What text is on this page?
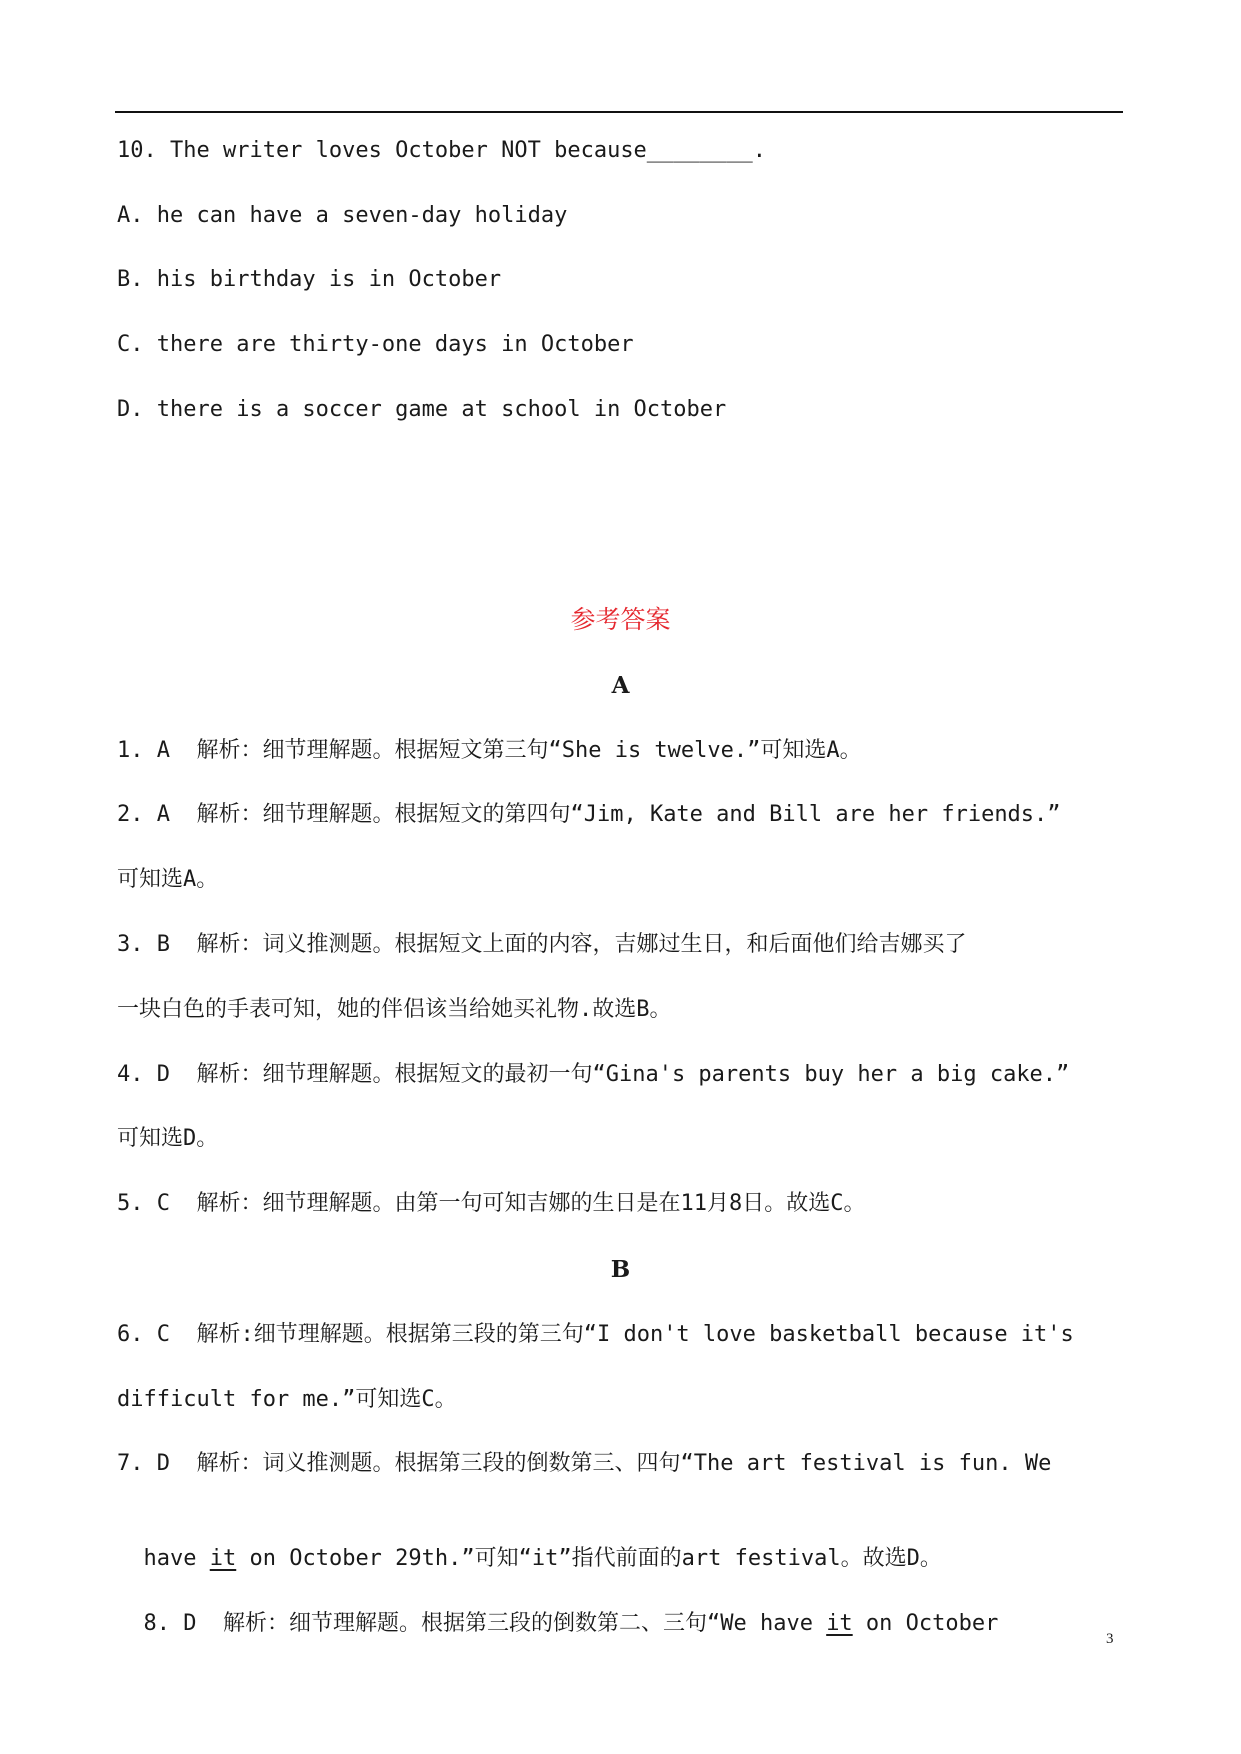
10. The writer loves October NOT because________.
A. he can have a seven-day holiday
B. his birthday is in October
C. there are thirty-one days in October
D. there is a soccer game at school in October
参考答案
A
1. A  解析：细节理解题。根据短文第三句“She is twelve.”可知选A。
2. A  解析：细节理解题。根据短文的第四句“Jim, Kate and Bill are her friends.”
可知选A。
3. B  解析：词义推测题。根据短文上面的内容，吉娜过生日，和后面他们给吉娜买了
一块白色的手表可知，她的伴侣该当给她买礼物.故选B。
4. D  解析：细节理解题。根据短文的最初一句“Gina's parents buy her a big cake.”
可知选D。
5. C  解析：细节理解题。由第一句可知吉娜的生日是在11月8日。故选C。
B
6. C  解析:细节理解题。根据第三段的第三句“I don't love basketball because it's
difficult for me.”可知选C。
7. D  解析：词义推测题。根据第三段的倒数第三、四句“The art festival is fun. We

have it on October 29th.”可知“it”指代前面的art festival。故选D。

8. D  解析：细节理解题。根据第三段的倒数第二、三句“We have it on October

3
